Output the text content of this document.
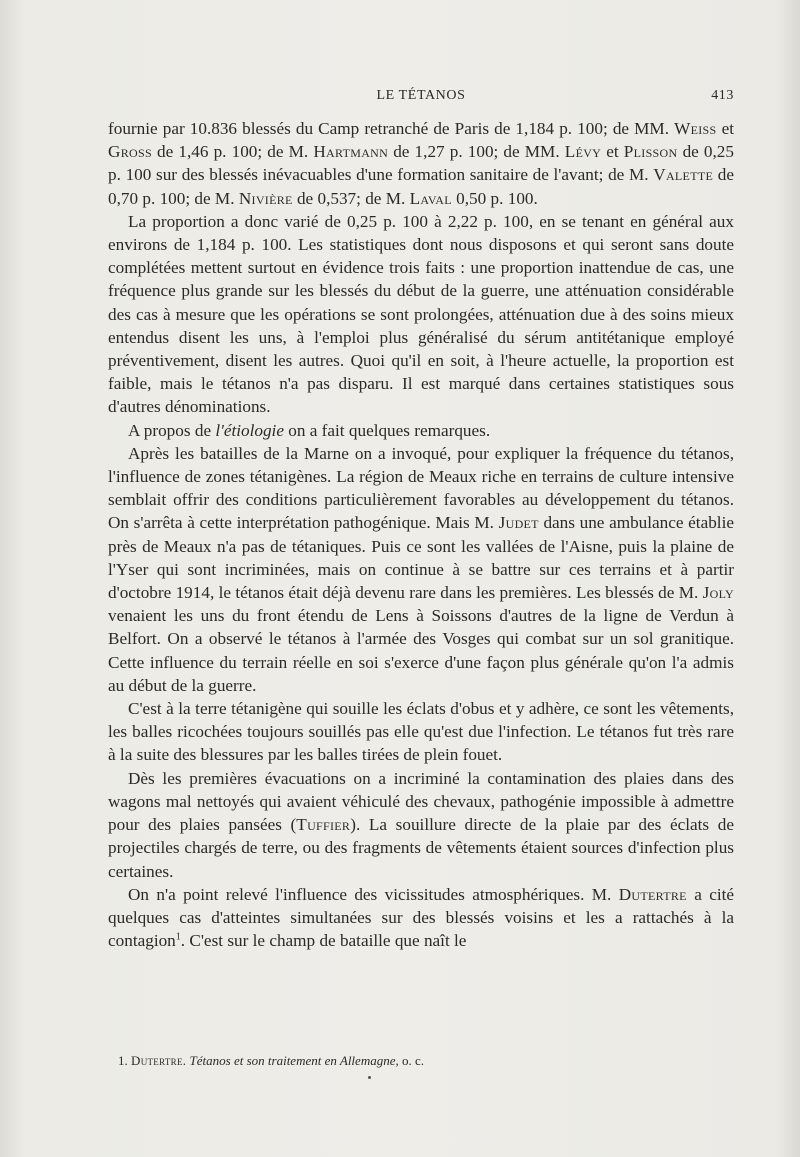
LE TÉTANOS	413

fournie par 10.836 blessés du Camp retranché de Paris de 1,184 p. 100; de MM. Weiss et Gross de 1,46 p. 100; de M. Hartmann de 1,27 p. 100; de MM. Lévy et Plisson de 0,25 p. 100 sur des blessés inévacuables d'une formation sanitaire de l'avant; de M. Valette de 0,70 p. 100; de M. Nivière de 0,537; de M. Laval 0,50 p. 100.

La proportion a donc varié de 0,25 p. 100 à 2,22 p. 100, en se tenant en général aux environs de 1,184 p. 100. Les statistiques dont nous disposons et qui seront sans doute complétées mettent surtout en évidence trois faits : une proportion inattendue de cas, une fréquence plus grande sur les blessés du début de la guerre, une atténuation considérable des cas à mesure que les opérations se sont prolongées, atténuation due à des soins mieux entendus disent les uns, à l'emploi plus généralisé du sérum antitétanique employé préventivement, disent les autres. Quoi qu'il en soit, à l'heure actuelle, la proportion est faible, mais le tétanos n'a pas disparu. Il est marqué dans certaines statistiques sous d'autres dénominations.

A propos de l'étiologie on a fait quelques remarques.

Après les batailles de la Marne on a invoqué, pour expliquer la fréquence du tétanos, l'influence de zones tétanigènes. La région de Meaux riche en terrains de culture intensive semblait offrir des conditions particulièrement favorables au développement du tétanos. On s'arrêta à cette interprétation pathogénique. Mais M. Judet dans une ambulance établie près de Meaux n'a pas de tétaniques. Puis ce sont les vallées de l'Aisne, puis la plaine de l'Yser qui sont incriminées, mais on continue à se battre sur ces terrains et à partir d'octobre 1914, le tétanos était déjà devenu rare dans les premières. Les blessés de M. Joly venaient les uns du front étendu de Lens à Soissons d'autres de la ligne de Verdun à Belfort. On a observé le tétanos à l'armée des Vosges qui combat sur un sol granitique. Cette influence du terrain réelle en soi s'exerce d'une façon plus générale qu'on l'a admis au début de la guerre.

C'est à la terre tétanigène qui souille les éclats d'obus et y adhère, ce sont les vêtements, les balles ricochées toujours souillés pas elle qu'est due l'infection. Le tétanos fut très rare à la suite des blessures par les balles tirées de plein fouet.

Dès les premières évacuations on a incriminé la contamination des plaies dans des wagons mal nettoyés qui avaient véhiculé des chevaux, pathogénie impossible à admettre pour des plaies pansées (Tuffier). La souillure directe de la plaie par des éclats de projectiles chargés de terre, ou des fragments de vêtements étaient sources d'infection plus certaines.

On n'a point relevé l'influence des vicissitudes atmosphériques. M. Dutertre a cité quelques cas d'atteintes simultanées sur des blessés voisins et les a rattachés à la contagion$^1$. C'est sur le champ de bataille que naît le

1. Dutertre. Tétanos et son traitement en Allemagne, o. c.
